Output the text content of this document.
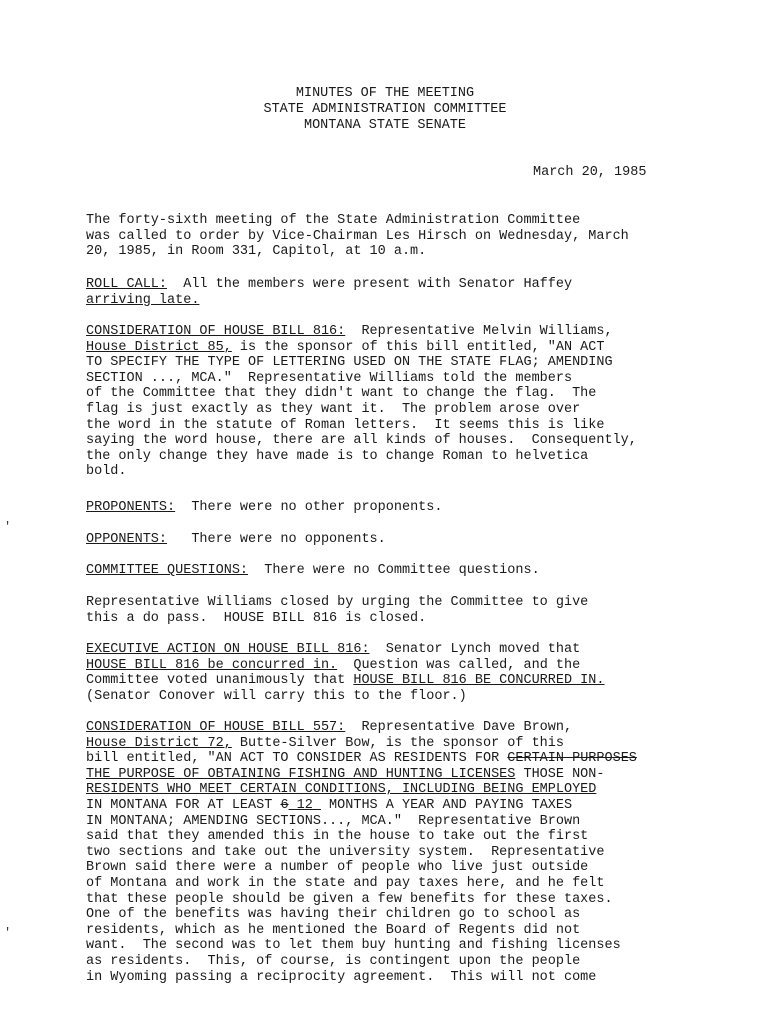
MINUTES OF THE MEETING
STATE ADMINISTRATION COMMITTEE
MONTANA STATE SENATE
March 20, 1985
The forty-sixth meeting of the State Administration Committee
was called to order by Vice-Chairman Les Hirsch on Wednesday, March
20, 1985, in Room 331, Capitol, at 10 a.m.
ROLL CALL:  All the members were present with Senator Haffey
arriving late.
CONSIDERATION OF HOUSE BILL 816:  Representative Melvin Williams,
House District 85, is the sponsor of this bill entitled, "AN ACT
TO SPECIFY THE TYPE OF LETTERING USED ON THE STATE FLAG; AMENDING
SECTION ..., MCA."  Representative Williams told the members
of the Committee that they didn't want to change the flag.  The
flag is just exactly as they want it.  The problem arose over
the word in the statute of Roman letters.  It seems this is like
saying the word house, there are all kinds of houses.  Consequently,
the only change they have made is to change Roman to helvetica
bold.
PROPONENTS:  There were no other proponents.
OPPONENTS:   There were no opponents.
COMMITTEE QUESTIONS:  There were no Committee questions.
Representative Williams closed by urging the Committee to give
this a do pass.  HOUSE BILL 816 is closed.
EXECUTIVE ACTION ON HOUSE BILL 816:  Senator Lynch moved that
HOUSE BILL 816 be concurred in.  Question was called, and the
Committee voted unanimously that HOUSE BILL 816 BE CONCURRED IN.
(Senator Conover will carry this to the floor.)
CONSIDERATION OF HOUSE BILL 557:  Representative Dave Brown,
House District 72, Butte-Silver Bow, is the sponsor of this
bill entitled, "AN ACT TO CONSIDER AS RESIDENTS FOR CERTAIN PURPOSES
THE PURPOSE OF OBTAINING FISHING AND HUNTING LICENSES THOSE NON-
RESIDENTS WHO MEET CERTAIN CONDITIONS, INCLUDING BEING EMPLOYED
IN MONTANA FOR AT LEAST 6 12  MONTHS A YEAR AND PAYING TAXES
IN MONTANA; AMENDING SECTIONS..., MCA."  Representative Brown
said that they amended this in the house to take out the first
two sections and take out the university system.  Representative
Brown said there were a number of people who live just outside
of Montana and work in the state and pay taxes here, and he felt
that these people should be given a few benefits for these taxes.
One of the benefits was having their children go to school as
residents, which as he mentioned the Board of Regents did not
want.  The second was to let them buy hunting and fishing licenses
as residents.  This, of course, is contingent upon the people
in Wyoming passing a reciprocity agreement.  This will not come
'
'
